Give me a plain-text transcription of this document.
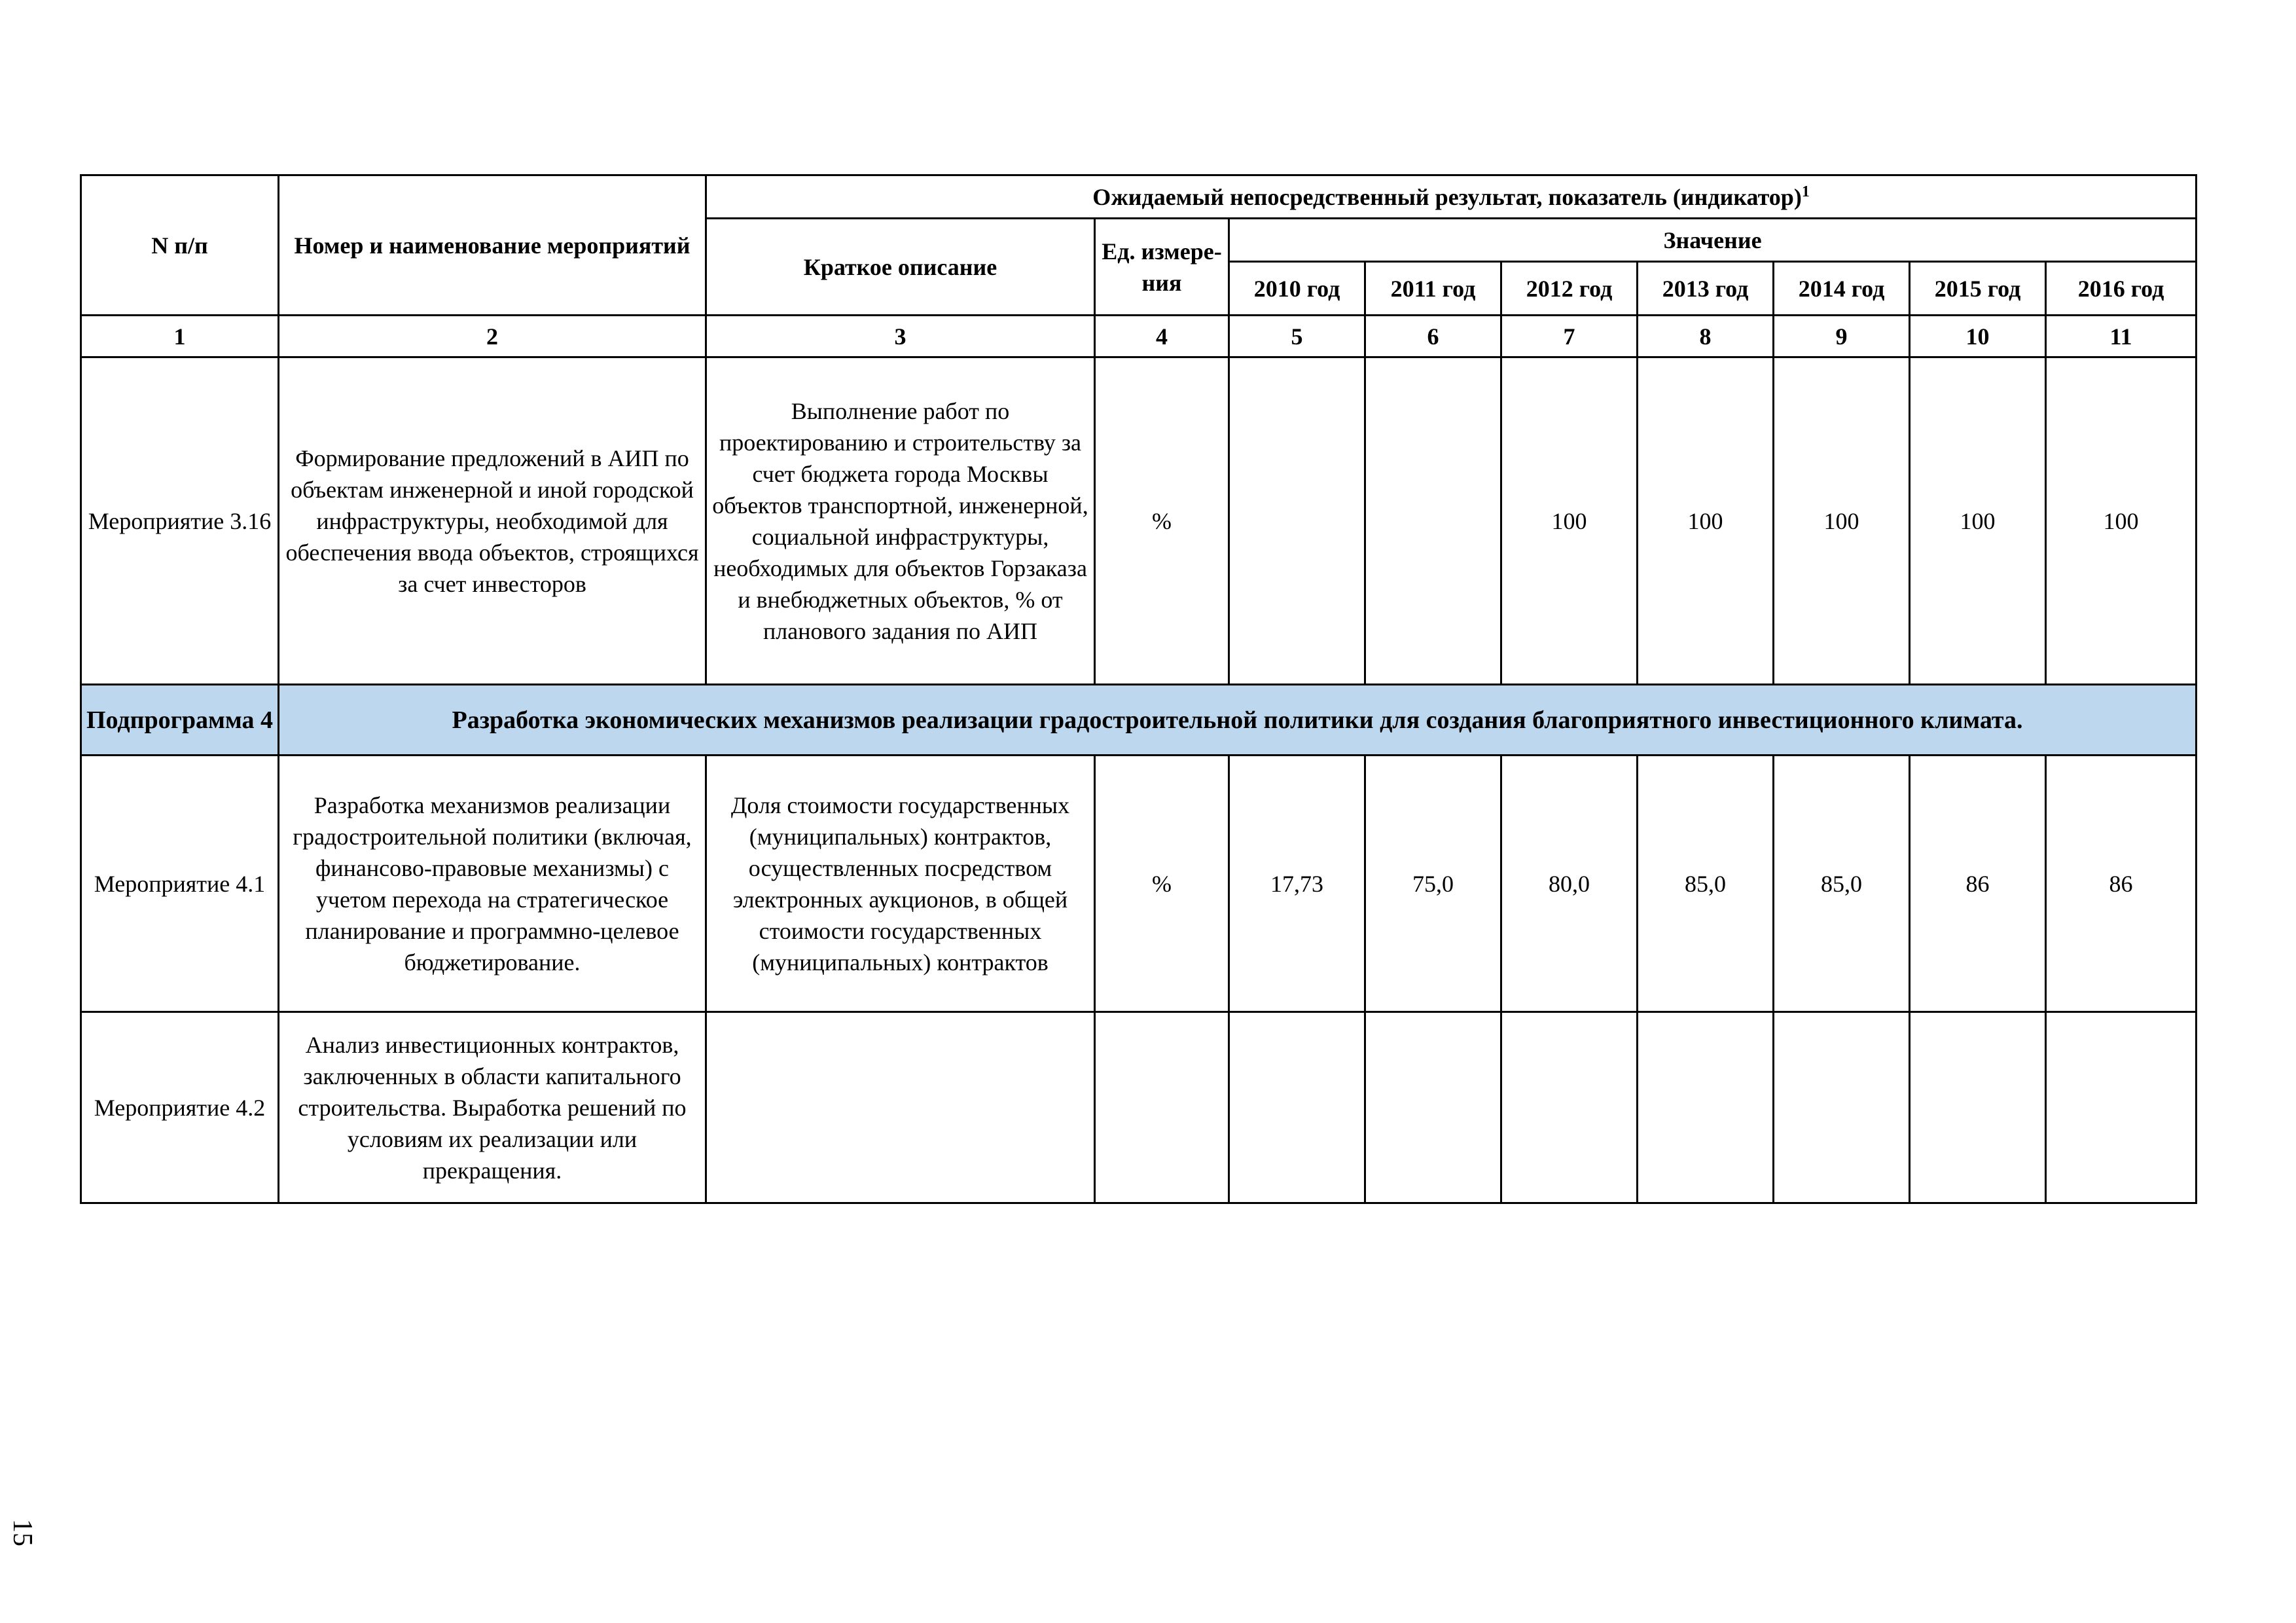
N п/п	Номер и наименование мероприятий	Ожидаемый непосредственный результат, показатель (индикатор)$^1$
		Краткое описание	Ед. измере-ния	Значение						
				2010 год	2011 год	2012 год	2013 год	2014 год	2015 год	2016 год
1	2	3	4	5	6	7	8	9	10	11
Мероприятие 3.16	Формирование предложений в АИП по объектам инженерной и иной городской инфраструктуры, необходимой для обеспечения ввода объектов, строящихся за счет инвесторов	Выполнение работ по проектированию и строительству за счет бюджета города Москвы объектов транспортной, инженерной, социальной инфраструктуры, необходимых для объектов Горзаказа и внебюджетных объектов, % от планового задания по АИП	%			100	100	100	100	100
Подпрограмма 4	Разработка экономических механизмов реализации градостроительной политики для создания благоприятного инвестиционного климата.									
Мероприятие 4.1	Разработка механизмов реализации градостроительной политики (включая, финансово-правовые механизмы) с учетом перехода на стратегическое планирование и программно-целевое бюджетирование.	Доля стоимости государственных (муниципальных) контрактов, осуществленных посредством электронных аукционов, в общей стоимости государственных (муниципальных) контрактов	%	17,73	75,0	80,0	85,0	85,0	86	86
Мероприятие 4.2	Анализ инвестиционных контрактов, заключенных в области капитального строительства. Выработка решений по условиям их реализации или прекращения.									
15
